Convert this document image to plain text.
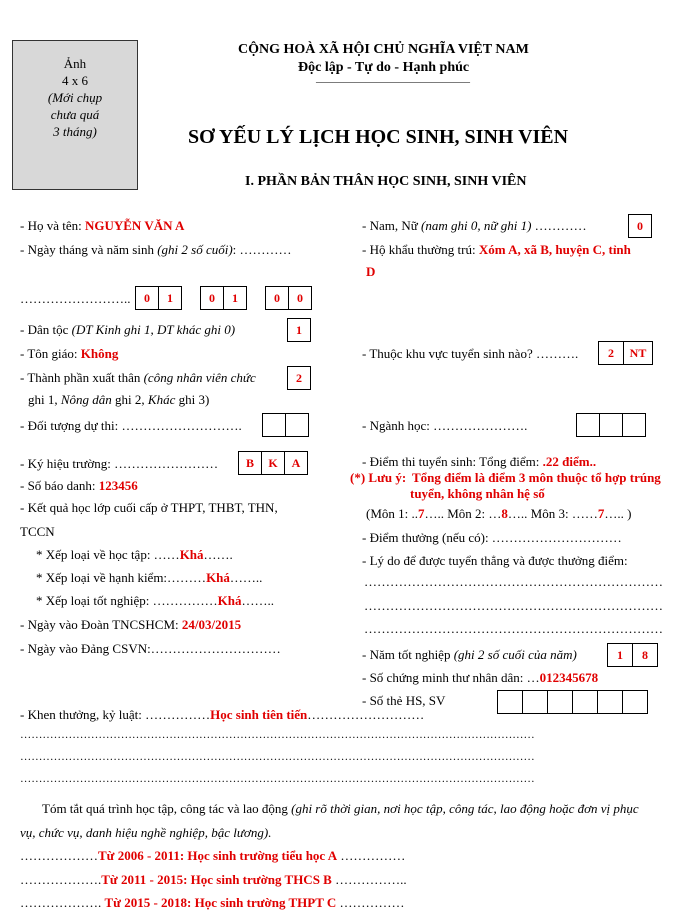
Ảnh
4 x 6
(Mới chụp
chưa quá
3 tháng)
CỘNG HOÀ XÃ HỘI CHỦ NGHĨA VIỆT NAM
Độc lập - Tự do - Hạnh phúc
____________________________
SƠ YẾU LÝ LỊCH HỌC SINH, SINH VIÊN
I. PHẦN BẢN THÂN HỌC SINH, SINH VIÊN
- Họ và tên: NGUYỄN VĂN A	- Nam, Nữ (nam ghi 0, nữ ghi 1) …………	0
- Ngày tháng và năm sinh (ghi 2 số cuối): …………	- Hộ khẩu thường trú: Xóm A, xã B, huyện C, tỉnh
D
……………………..	0	1	0	1	0	0
- Dân tộc (DT Kinh ghi 1, DT khác ghi 0)	1
- Tôn giáo: Không	- Thuộc khu vực tuyển sinh nào? ……….	2	NT
- Thành phần xuất thân (công nhân viên chức	2
ghi 1, Nông dân ghi 2, Khác ghi 3)
- Đối tượng dự thi: ……………………….	- Ngành học: ………………….
- Ký hiệu trường: ……………………	B	K	A	- Điểm thi tuyển sinh: Tổng điểm: .22 điểm..
- Số báo danh: 123456
(*) Lưu ý: Tổng điểm là điểm 3 môn thuộc tổ hợp trúng
tuyển, không nhân hệ số
- Kết quả học lớp cuối cấp ở THPT, THBT, THN,
TCCN
(Môn 1: ..7….. Môn 2: …8….. Môn 3: ……7….. )
- Điểm thưởng (nếu có): …………………………
* Xếp loại về học tập: ……Khá…….	- Lý do để được tuyển thẳng và được thưởng điểm:
* Xếp loại về hạnh kiểm:………Khá……..	……………………………………………………………
* Xếp loại tốt nghiệp: ……………Khá……..	……………………………………………………………
- Ngày vào Đoàn TNCSHCM: 24/03/2015	……………………………………………………………
- Ngày vào Đảng CSVN:…………………………	- Năm tốt nghiệp (ghi 2 số cuối của năm)	1	8
- Số chứng minh thư nhân dân: …012345678
- Số thẻ HS, SV
- Khen thưởng, kỷ luật: ……………Học sinh tiên tiến………………………
…………………………………………………………………………………………………………………………
…………………………………………………………………………………………………………………………
…………………………………………………………………………………………………………………………
Tóm tắt quá trình học tập, công tác và lao động (ghi rõ thời gian, nơi học tập, công tác, lao động hoặc đơn vị phục
vụ, chức vụ, danh hiệu nghề nghiệp, bậc lương).
………………Từ 2006 - 2011: Học sinh trường tiểu học A ……………
……………….Từ 2011 - 2015: Học sinh trường THCS B ……………..
………………. Từ 2015 - 2018: Học sinh trường THPT C ……………
